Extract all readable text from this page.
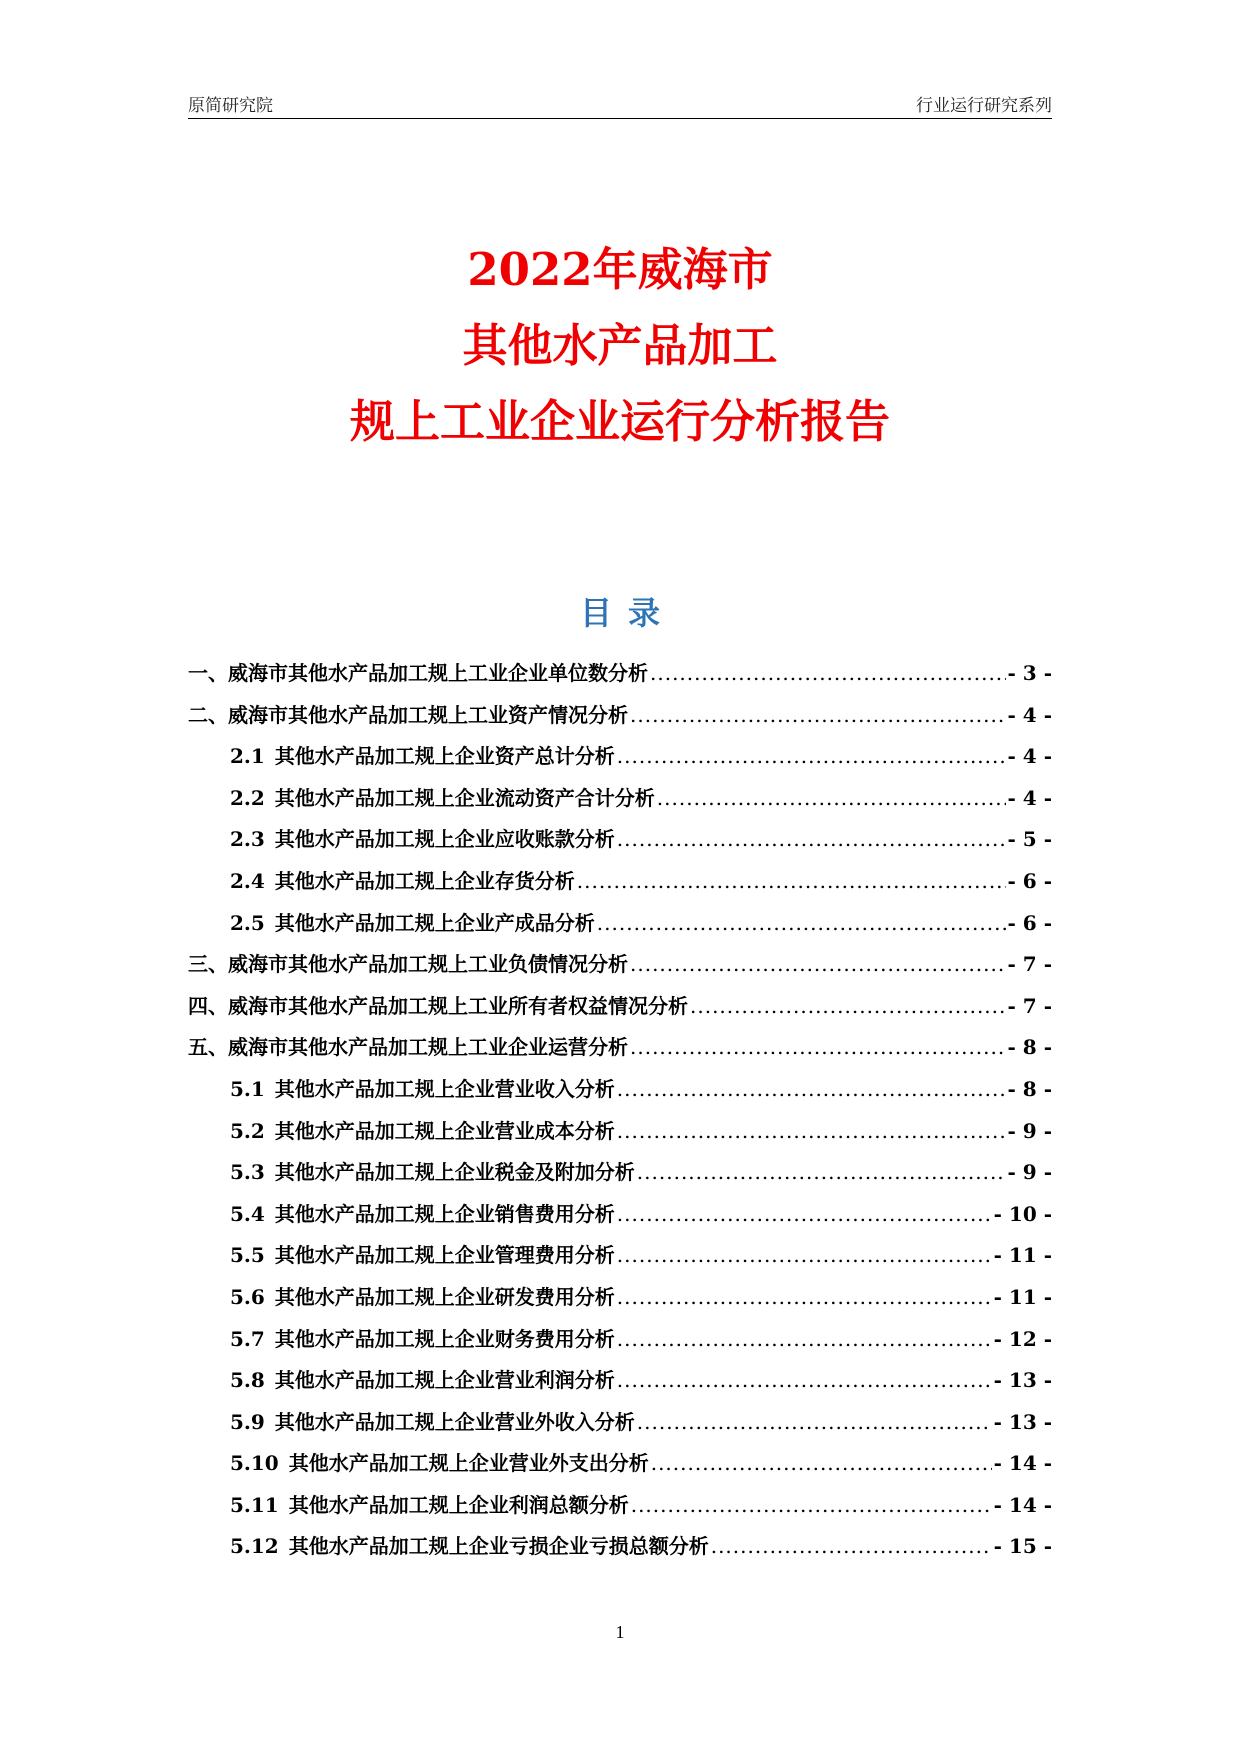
原简研究院	行业运行研究系列
2022年威海市
其他水产品加工
规上工业企业运行分析报告
目录
一、威海市其他水产品加工规上工业企业单位数分析 .....	- 3 -
二、威海市其他水产品加工规上工业资产情况分析 .....	- 4 -
2.1 其他水产品加工规上企业资产总计分析 .....	- 4 -
2.2 其他水产品加工规上企业流动资产合计分析 .....	- 4 -
2.3 其他水产品加工规上企业应收账款分析 .....	- 5 -
2.4 其他水产品加工规上企业存货分析 .....	- 6 -
2.5 其他水产品加工规上企业产成品分析 .....	- 6 -
三、威海市其他水产品加工规上工业负债情况分析 .....	- 7 -
四、威海市其他水产品加工规上工业所有者权益情况分析 .....	- 7 -
五、威海市其他水产品加工规上工业企业运营分析 .....	- 8 -
5.1 其他水产品加工规上企业营业收入分析 .....	- 8 -
5.2 其他水产品加工规上企业营业成本分析 .....	- 9 -
5.3 其他水产品加工规上企业税金及附加分析 .....	- 9 -
5.4 其他水产品加工规上企业销售费用分析 .....	- 10 -
5.5 其他水产品加工规上企业管理费用分析 .....	- 11 -
5.6 其他水产品加工规上企业研发费用分析 .....	- 11 -
5.7 其他水产品加工规上企业财务费用分析 .....	- 12 -
5.8 其他水产品加工规上企业营业利润分析 .....	- 13 -
5.9 其他水产品加工规上企业营业外收入分析 .....	- 13 -
5.10 其他水产品加工规上企业营业外支出分析 .....	- 14 -
5.11 其他水产品加工规上企业利润总额分析 .....	- 14 -
5.12 其他水产品加工规上企业亏损企业亏损总额分析 .....	- 15 -
1
